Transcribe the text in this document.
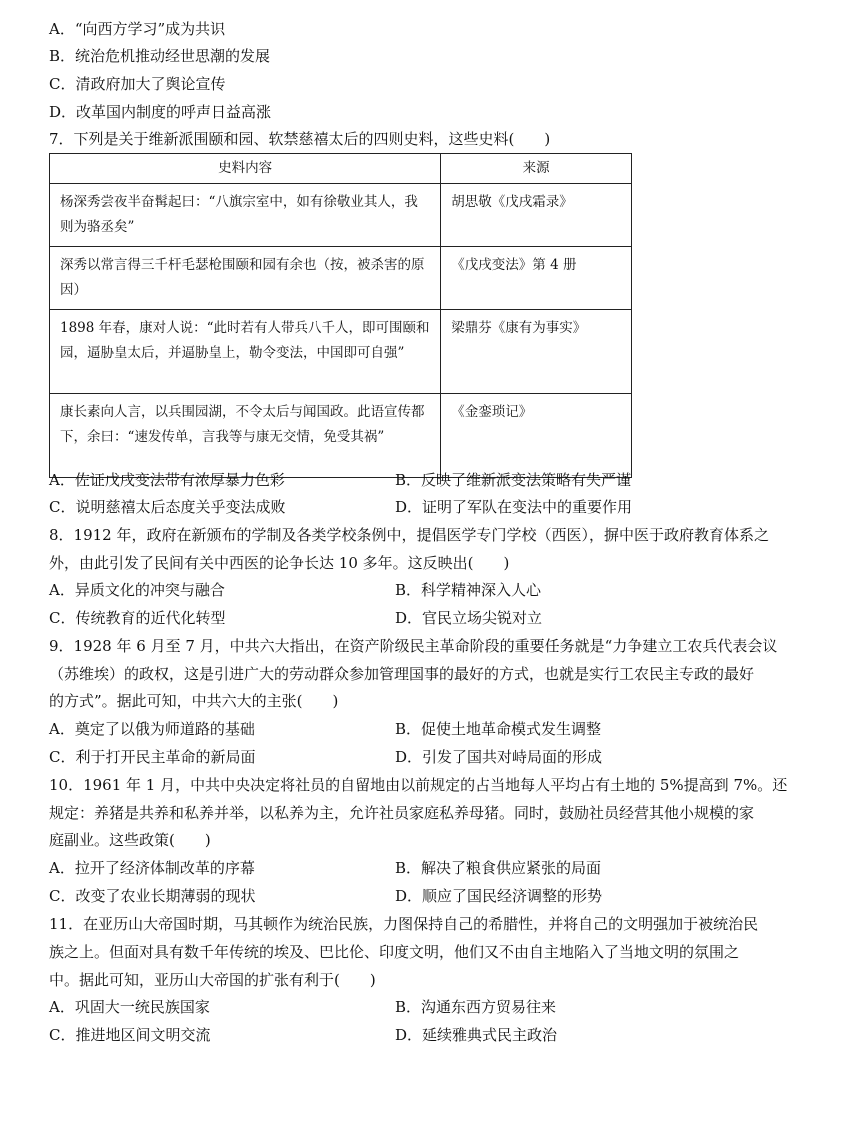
A．“向西方学习”成为共识
B．统治危机推动经世思潮的发展
C．清政府加大了舆论宣传
D．改革国内制度的呼声日益高涨
7．下列是关于维新派围颐和园、软禁慈禧太后的四则史料，这些史料(　　)
史料内容	来源
杨深秀尝夜半奋髯起曰：“八旗宗室中，如有徐敬业其人，我则为骆丞矣”	胡思敬《戊戌霜录》
深秀以常言得三千杆毛瑟枪围颐和园有余也（按，被杀害的原因）	《戊戌变法》第 4 册
1898 年春，康对人说：“此时若有人带兵八千人，即可围颐和园，逼胁皇太后，并逼胁皇上，勒令变法，中国即可自强”	梁鼎芬《康有为事实》
康长素向人言，以兵围园湖，不令太后与闻国政。此语宣传都下，余曰：“速发传单，言我等与康无交情，免受其祸”	《金銮琐记》
A．佐证戊戌变法带有浓厚暴力色彩	B．反映了维新派变法策略有失严谨
C．说明慈禧太后态度关乎变法成败	D．证明了军队在变法中的重要作用
8．1912 年，政府在新颁布的学制及各类学校条例中，提倡医学专门学校（西医），摒中医于政府教育体系之
外，由此引发了民间有关中西医的论争长达 10 多年。这反映出(　　)
A．异质文化的冲突与融合	B．科学精神深入人心
C．传统教育的近代化转型	D．官民立场尖锐对立
9．1928 年 6 月至 7 月，中共六大指出，在资产阶级民主革命阶段的重要任务就是“力争建立工农兵代表会议
（苏维埃）的政权，这是引进广大的劳动群众参加管理国事的最好的方式，也就是实行工农民主专政的最好
的方式”。据此可知，中共六大的主张(　　)
A．奠定了以俄为师道路的基础	B．促使土地革命模式发生调整
C．利于打开民主革命的新局面	D．引发了国共对峙局面的形成
10．1961 年 1 月，中共中央决定将社员的自留地由以前规定的占当地每人平均占有土地的 5%提高到 7%。还
规定：养猪是共养和私养并举，以私养为主，允许社员家庭私养母猪。同时，鼓励社员经营其他小规模的家
庭副业。这些政策(　　)
A．拉开了经济体制改革的序幕	B．解决了粮食供应紧张的局面
C．改变了农业长期薄弱的现状	D．顺应了国民经济调整的形势
11．在亚历山大帝国时期，马其顿作为统治民族，力图保持自己的希腊性，并将自己的文明强加于被统治民
族之上。但面对具有数千年传统的埃及、巴比伦、印度文明，他们又不由自主地陷入了当地文明的氛围之
中。据此可知，亚历山大帝国的扩张有利于(　　)
A．巩固大一统民族国家	B．沟通东西方贸易往来
C．推进地区间文明交流	D．延续雅典式民主政治
